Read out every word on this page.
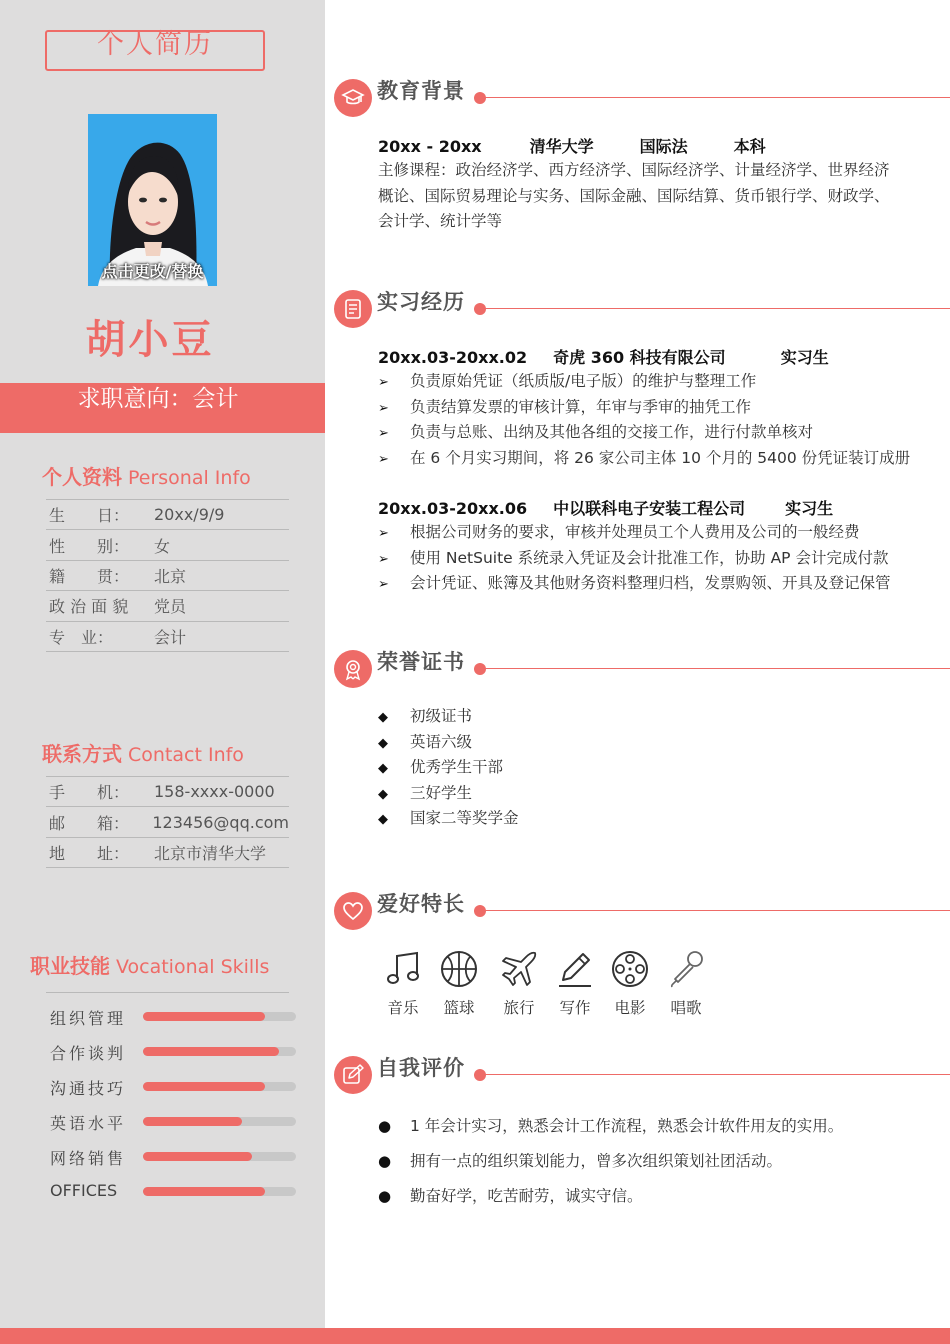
个人简历
点击更改/替换
胡小豆
求职意向：会计
个人资料 Personal Info
生　　日：	20xx/9/9
性　　别：	女
籍　　贯：	北京
政 治 面 貌	党员
专　业：	会计
联系方式 Contact Info
手　　机：	158-xxxx-0000
邮　　箱：	123456@qq.com
地　　址：	北京市清华大学
职业技能 Vocational Skills
组织管理
合作谈判
沟通技巧
英语水平
网络销售
OFFICES
教育背景
20xx - 20xx	清华大学	国际法	本科
主修课程：政治经济学、西方经济学、国际经济学、计量经济学、世界经济
概论、国际贸易理论与实务、国际金融、国际结算、货币银行学、财政学、
会计学、统计学等
实习经历
20xx.03-20xx.02 奇虎 360 科技有限公司	实习生
➢ 负责原始凭证（纸质版/电子版）的维护与整理工作
➢ 负责结算发票的审核计算，年审与季审的抽凭工作
➢ 负责与总账、出纳及其他各组的交接工作，进行付款单核对
➢ 在 6 个月实习期间，将 26 家公司主体 10 个月的 5400 份凭证装订成册
20xx.03-20xx.06 中以联科电子安装工程公司	实习生
➢ 根据公司财务的要求，审核并处理员工个人费用及公司的一般经费
➢ 使用 NetSuite 系统录入凭证及会计批准工作，协助 AP 会计完成付款
➢ 会计凭证、账簿及其他财务资料整理归档，发票购领、开具及登记保管
荣誉证书
◆ 初级证书
◆ 英语六级
◆ 优秀学生干部
◆ 三好学生
◆ 国家二等奖学金
爱好特长
音乐	篮球	旅行	写作	电影	唱歌
自我评价
● 1 年会计实习，熟悉会计工作流程，熟悉会计软件用友的实用。
● 拥有一点的组织策划能力，曾多次组织策划社团活动。
● 勤奋好学，吃苦耐劳，诚实守信。
